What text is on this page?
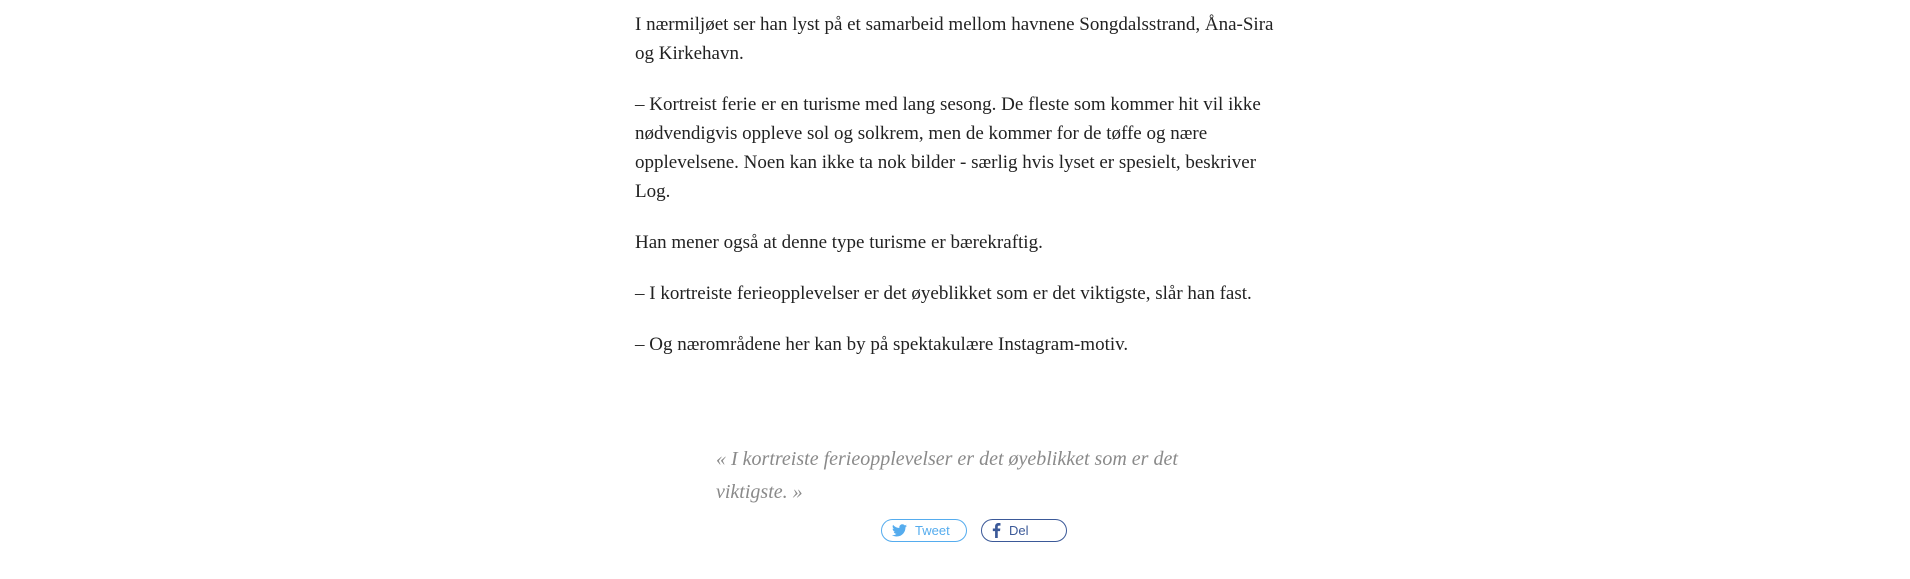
I nærmiljøet ser han lyst på et samarbeid mellom havnene Songdalsstrand, Åna-Sira og Kirkehavn.

– Kortreist ferie er en turisme med lang sesong. De fleste som kommer hit vil ikke nødvendigvis oppleve sol og solkrem, men de kommer for de tøffe og nære opplevelsene. Noen kan ikke ta nok bilder - særlig hvis lyset er spesielt, beskriver Log.

Han mener også at denne type turisme er bærekraftig.

– I kortreiste ferieopplevelser er det øyeblikket som er det viktigste, slår han fast.

– Og nærområdene her kan by på spektakulære Instagram-motiv.

« I kortreiste ferieopplevelser er det øyeblikket som er det viktigste. »
Tweet	Del
